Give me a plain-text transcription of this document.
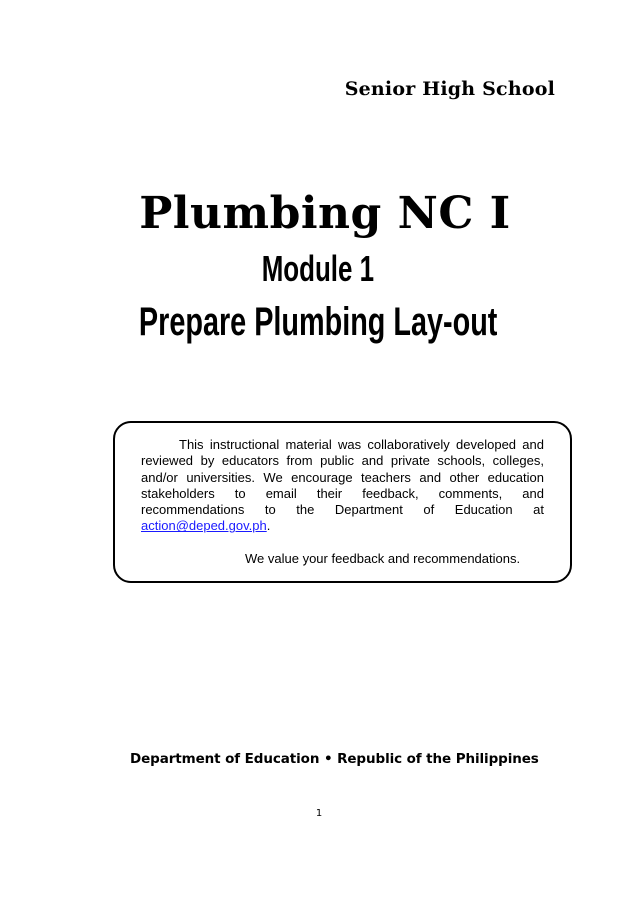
Senior High School
Plumbing NC I
Module 1
Prepare Plumbing Lay-out

This instructional material was collaboratively developed and reviewed by educators from public and private schools, colleges, and/or universities. We encourage teachers and other education stakeholders to email their feedback, comments, and recommendations to the Department of Education at action@deped.gov.ph.

We value your feedback and recommendations.

Department of Education • Republic of the Philippines
1
